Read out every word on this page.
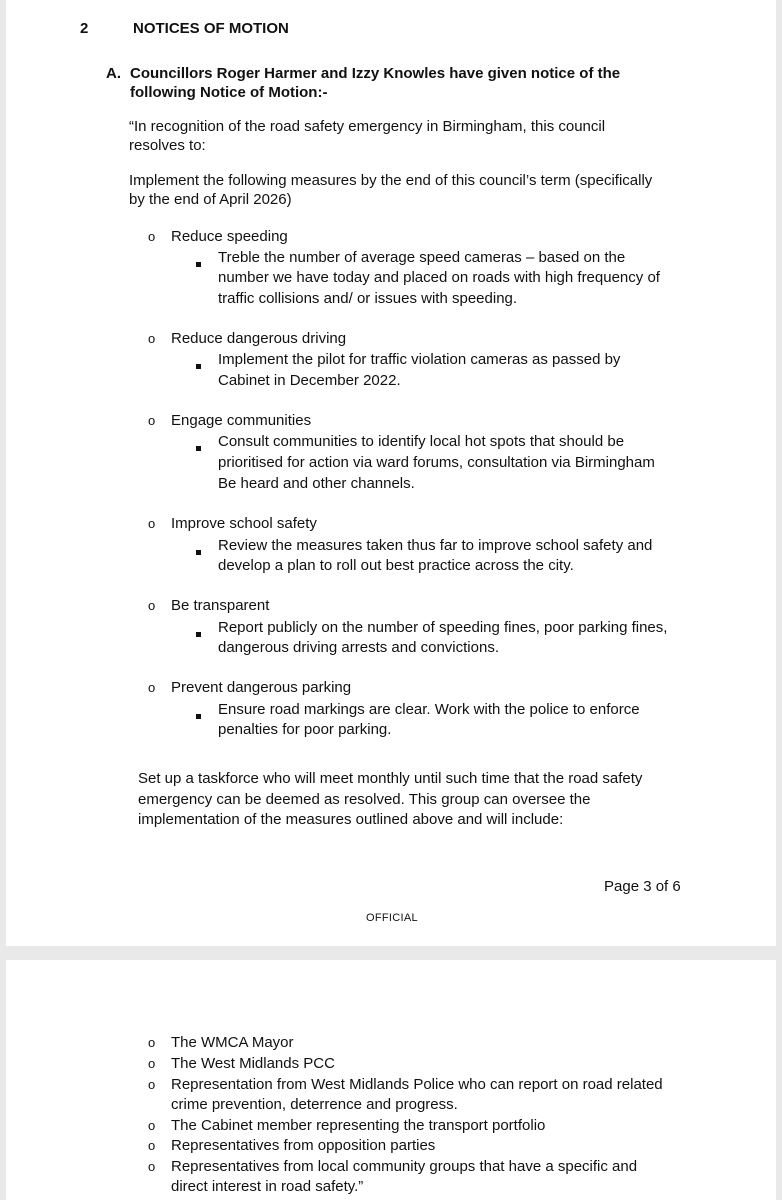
2	NOTICES OF MOTION
A. Councillors Roger Harmer and Izzy Knowles have given notice of the
following Notice of Motion:-
“In recognition of the road safety emergency in Birmingham, this council
resolves to:
Implement the following measures by the end of this council’s term (specifically
by the end of April 2026)
o Reduce speeding
Treble the number of average speed cameras – based on the
number we have today and placed on roads with high frequency of
traffic collisions and/ or issues with speeding.
o Reduce dangerous driving
Implement the pilot for traffic violation cameras as passed by
Cabinet in December 2022.
o Engage communities
Consult communities to identify local hot spots that should be
prioritised for action via ward forums, consultation via Birmingham
Be heard and other channels.
o Improve school safety
Review the measures taken thus far to improve school safety and
develop a plan to roll out best practice across the city.
o Be transparent
Report publicly on the number of speeding fines, poor parking fines,
dangerous driving arrests and convictions.
o Prevent dangerous parking
Ensure road markings are clear. Work with the police to enforce
penalties for poor parking.
Set up a taskforce who will meet monthly until such time that the road safety
emergency can be deemed as resolved. This group can oversee the
implementation of the measures outlined above and will include:
Page 3 of 6
OFFICIAL
o The WMCA Mayor
o The West Midlands PCC
o Representation from West Midlands Police who can report on road related
crime prevention, deterrence and progress.
o The Cabinet member representing the transport portfolio
o Representatives from opposition parties
o Representatives from local community groups that have a specific and
direct interest in road safety.”
